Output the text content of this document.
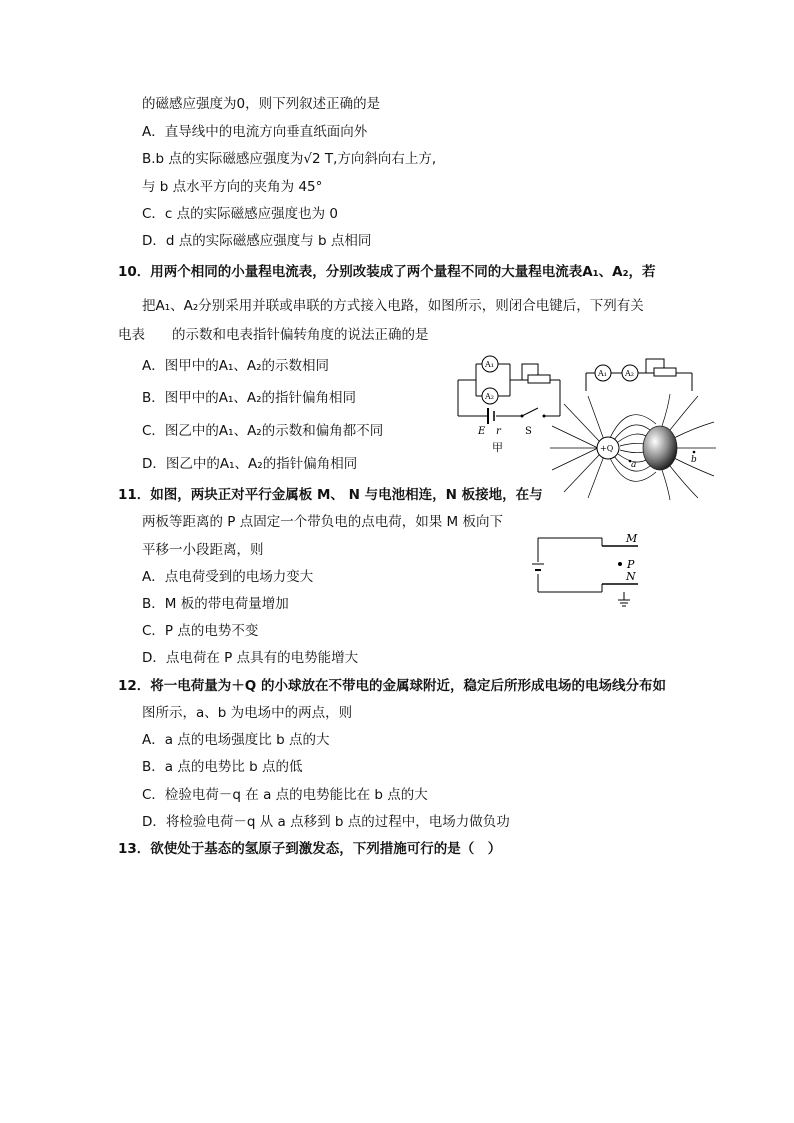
的磁感应强度为0，则下列叙述正确的是
A．直导线中的电流方向垂直纸面向外
B.b 点的实际磁感应强度为√2 T,方向斜向右上方,
与 b 点水平方向的夹角为 45°
C．c 点的实际磁感应强度也为 0
D．d 点的实际磁感应强度与 b 点相同
10．用两个相同的小量程电流表，分别改装成了两个量程不同的大量程电流表A₁、A₂，若
把A₁、A₂分别采用并联或串联的方式接入电路，如图所示，则闭合电键后，下列有关
电表　　的示数和电表指针偏转角度的说法正确的是
A．图甲中的A₁、A₂的示数相同
B．图甲中的A₁、A₂的指针偏角相同
C．图乙中的A₁、A₂的示数和偏角都不同
D．图乙中的A₁、A₂的指针偏角相同
11．如图，两块正对平行金属板 M、 N 与电池相连，N 板接地，在与
两板等距离的 P 点固定一个带负电的点电荷，如果 M 板向下
平移一小段距离，则
A．点电荷受到的电场力变大
B．M 板的带电荷量增加
C．P 点的电势不变
D．点电荷在 P 点具有的电势能增大
12．将一电荷量为＋Q 的小球放在不带电的金属球附近，稳定后所形成电场的电场线分布如
图所示，a、b 为电场中的两点，则
A．a 点的电场强度比 b 点的大
B．a 点的电势比 b 点的低
C．检验电荷－q 在 a 点的电势能比在 b 点的大
D．将检验电荷－q 从 a 点移到 b 点的过程中，电场力做负功
13．欲使处于基态的氢原子到激发态，下列措施可行的是（　）
A₁
A₂
E r S
甲
A₁ A₂
+Q
a	b
M
P
N
